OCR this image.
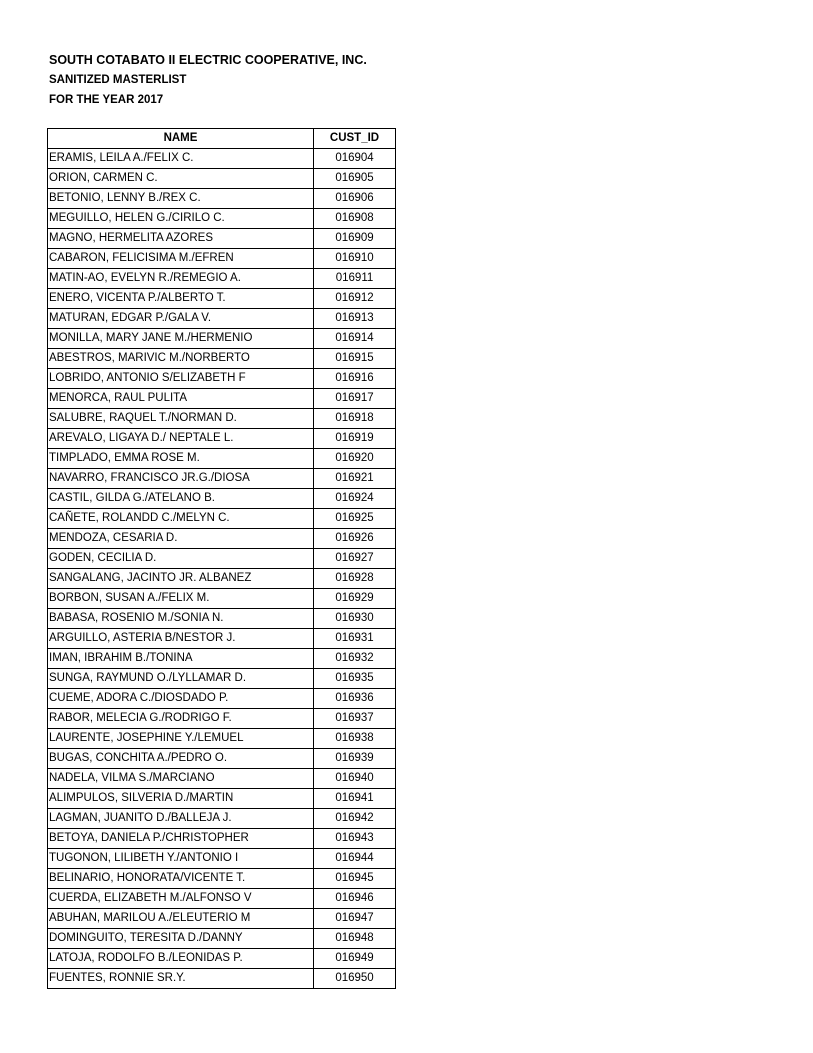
SOUTH COTABATO II ELECTRIC COOPERATIVE, INC.
SANITIZED MASTERLIST
FOR THE YEAR 2017
NAME	CUST_ID
ERAMIS, LEILA A./FELIX C.	016904
ORION, CARMEN C.	016905
BETONIO, LENNY B./REX C.	016906
MEGUILLO, HELEN G./CIRILO C.	016908
MAGNO, HERMELITA AZORES	016909
CABARON, FELICISIMA M./EFREN	016910
MATIN-AO, EVELYN R./REMEGIO A.	016911
ENERO, VICENTA P./ALBERTO T.	016912
MATURAN, EDGAR P./GALA V.	016913
MONILLA, MARY JANE M./HERMENIO	016914
ABESTROS, MARIVIC M./NORBERTO	016915
LOBRIDO, ANTONIO S/ELIZABETH F	016916
MENORCA, RAUL PULITA	016917
SALUBRE, RAQUEL T./NORMAN D.	016918
AREVALO, LIGAYA D./ NEPTALE L.	016919
TIMPLADO, EMMA ROSE M.	016920
NAVARRO, FRANCISCO JR.G./DIOSA	016921
CASTIL, GILDA G./ATELANO B.	016924
CAÑETE, ROLANDD C./MELYN C.	016925
MENDOZA, CESARIA D.	016926
GODEN, CECILIA D.	016927
SANGALANG, JACINTO JR. ALBANEZ	016928
BORBON, SUSAN A./FELIX M.	016929
BABASA, ROSENIO M./SONIA N.	016930
ARGUILLO, ASTERIA B/NESTOR J.	016931
IMAN, IBRAHIM B./TONINA	016932
SUNGA, RAYMUND O./LYLLAMAR D.	016935
CUEME, ADORA C./DIOSDADO P.	016936
RABOR, MELECIA G./RODRIGO F.	016937
LAURENTE, JOSEPHINE Y./LEMUEL	016938
BUGAS, CONCHITA A./PEDRO O.	016939
NADELA, VILMA S./MARCIANO	016940
ALIMPULOS, SILVERIA D./MARTIN	016941
LAGMAN, JUANITO D./BALLEJA J.	016942
BETOYA, DANIELA P./CHRISTOPHER	016943
TUGONON, LILIBETH Y./ANTONIO I	016944
BELINARIO, HONORATA/VICENTE T.	016945
CUERDA, ELIZABETH M./ALFONSO V	016946
ABUHAN, MARILOU A./ELEUTERIO M	016947
DOMINGUITO, TERESITA D./DANNY	016948
LATOJA, RODOLFO B./LEONIDAS P.	016949
FUENTES, RONNIE SR.Y.	016950
